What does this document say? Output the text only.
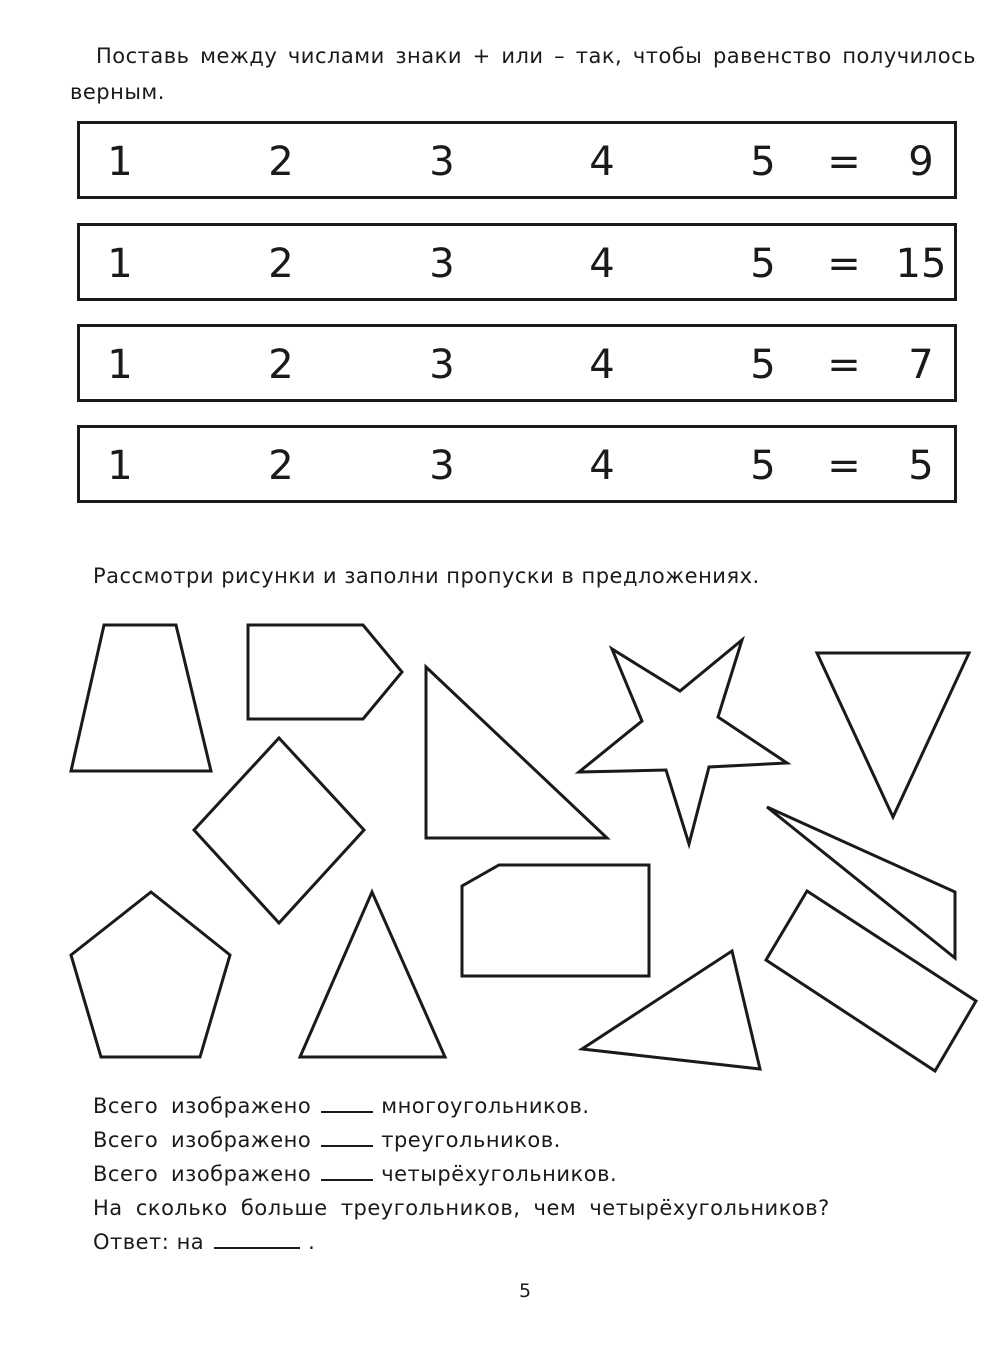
Поставь между числами знаки + или – так, чтобы равенство получилось верным.

1	2	3	4	5 = 9
1	2	3	4	5 = 15
1	2	3	4	5 = 7
1	2	3	4	5 = 5

Рассмотри рисунки и заполни пропуски в предложениях.

Всего изображено	многоугольников.
Всего изображено	треугольников.
Всего изображено	четырёхугольников.
На сколько больше треугольников, чем четырёхугольников?
Ответ: на	.
5
